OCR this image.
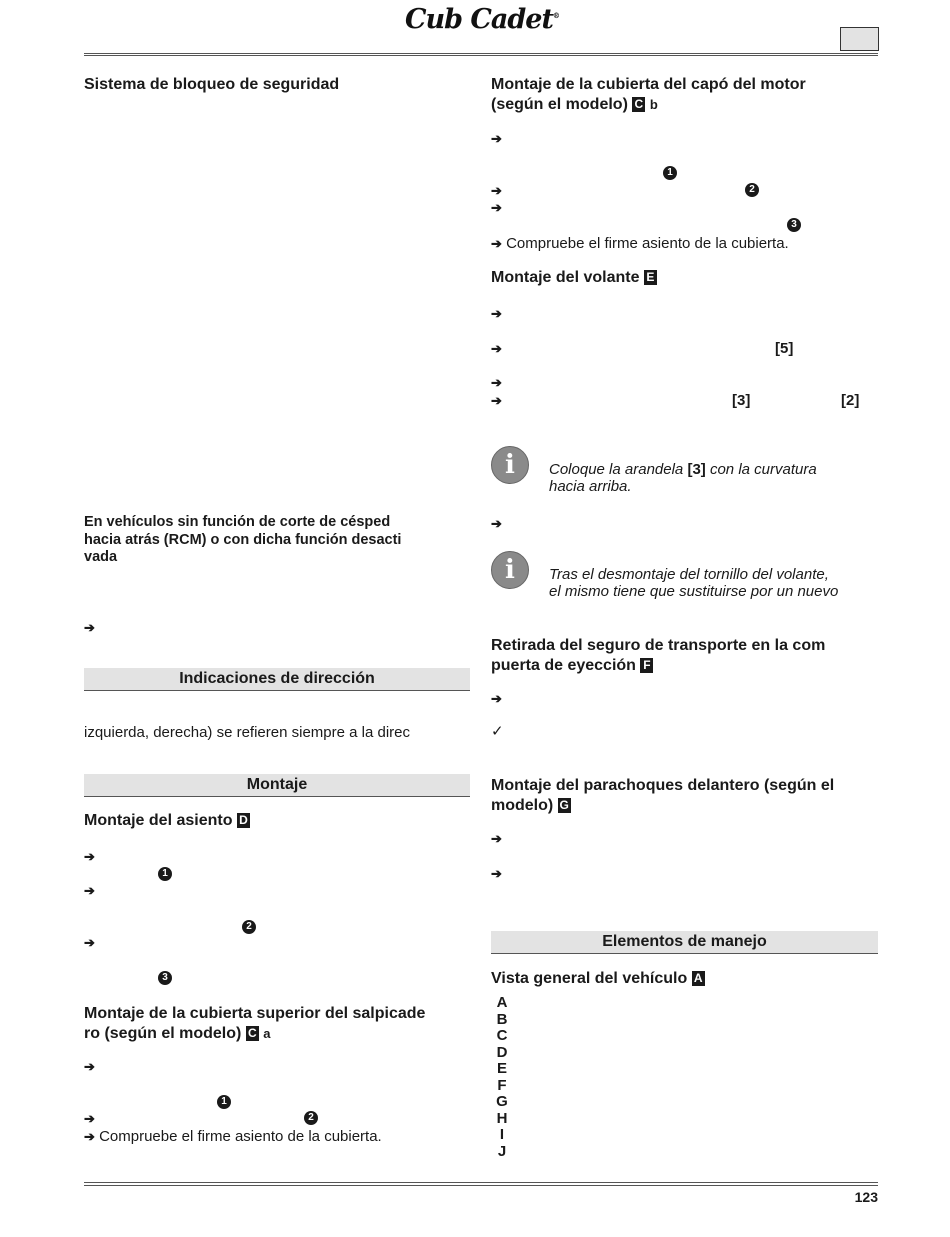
Cub Cadet®
Sistema de bloqueo de seguridad
En vehículos sin función de corte de césped
hacia atrás (RCM) o con dicha función desacti
vada
➔
Indicaciones de dirección
izquierda, derecha) se refieren siempre a la direc
Montaje
Montaje del asiento D
➔
1
➔
2
➔
3
Montaje de la cubierta superior del salpicade
ro (según el modelo) C a
➔
1
➔	2
➔ Compruebe el firme asiento de la cubierta.
Montaje de la cubierta del capó del motor
(según el modelo) C b
➔
1
➔	2
➔
3
➔ Compruebe el firme asiento de la cubierta.
Montaje del volante E
➔
➔	[5]
➔
➔	[3]	[2]
i	Coloque la arandela [3] con la curvatura
hacia arriba.
➔
i	Tras el desmontaje del tornillo del volante,
el mismo tiene que sustituirse por un nuevo
Retirada del seguro de transporte en la com
puerta de eyección F
➔
✓
Montaje del parachoques delantero (según el
modelo) G
➔
➔
Elementos de manejo
Vista general del vehículo A
A
B
C
D
E
F
G
H
I
J
123
